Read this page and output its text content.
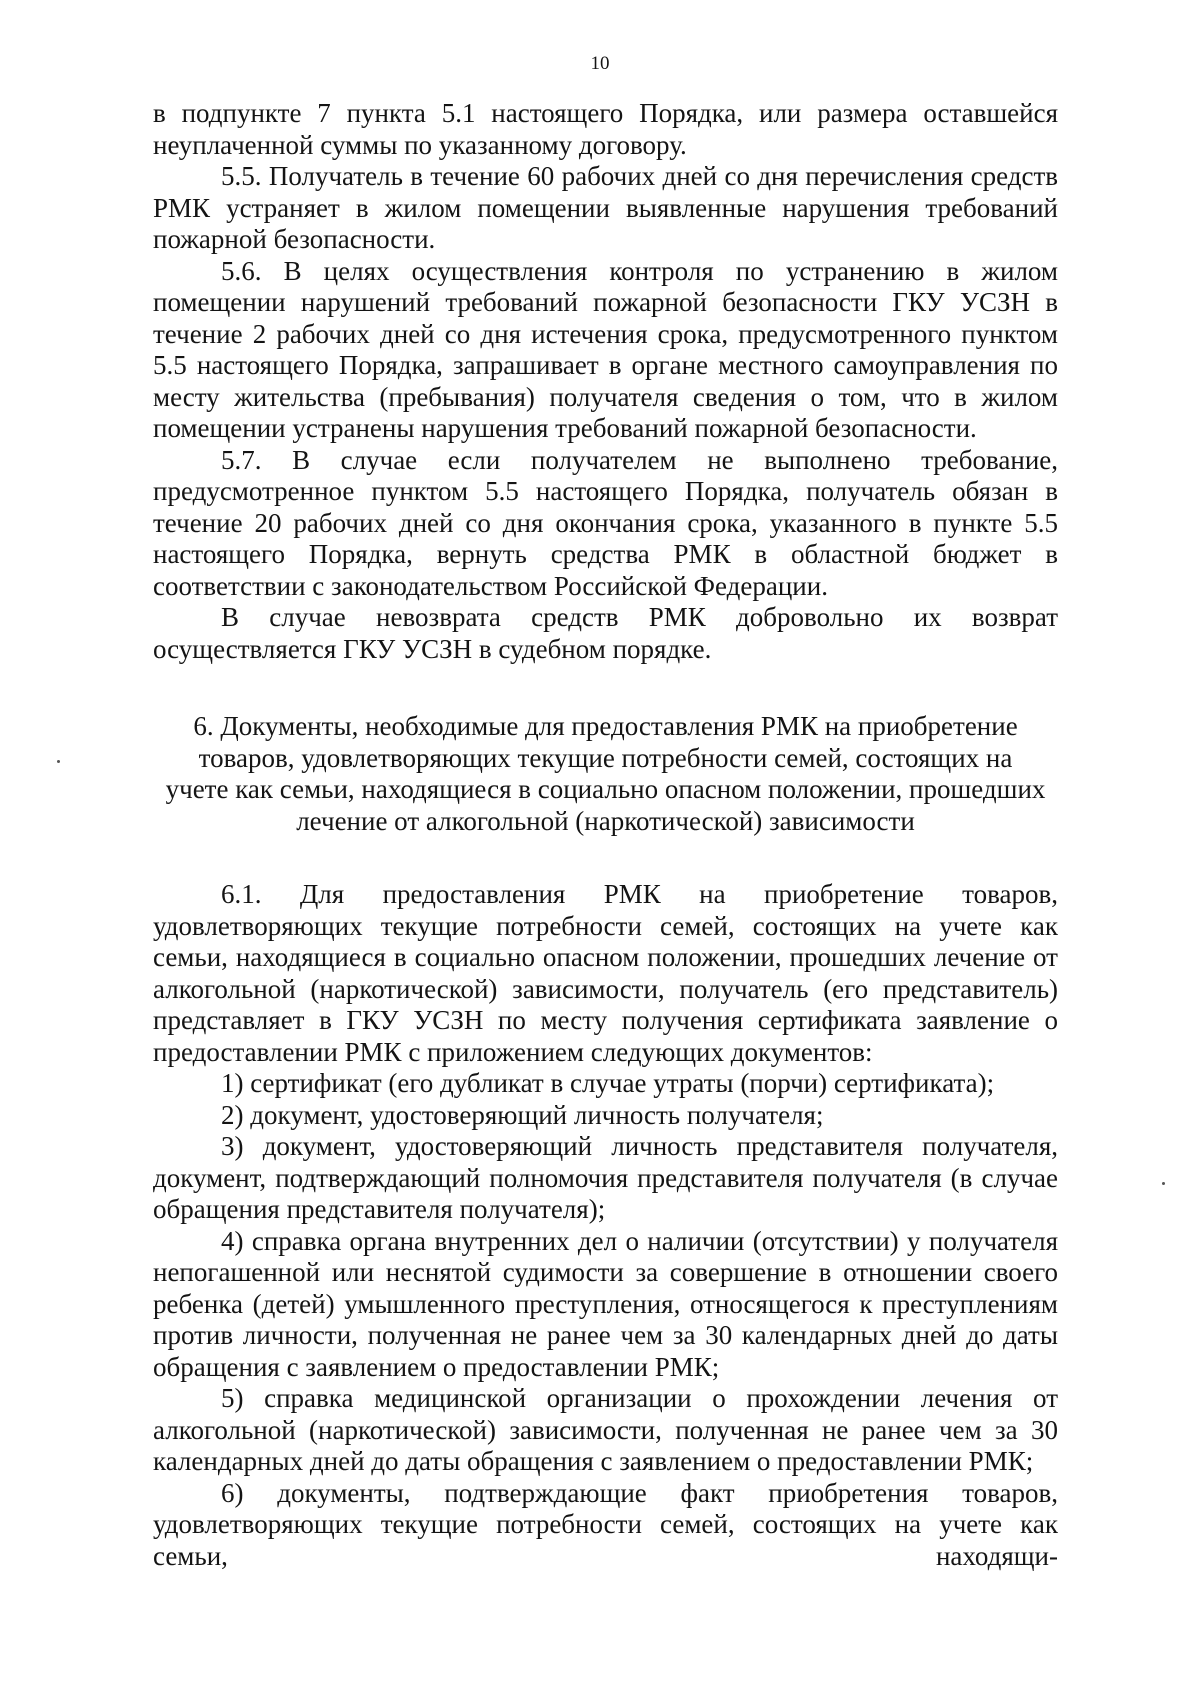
10

в подпункте 7 пункта 5.1 настоящего Порядка, или размера оставшейся неуплаченной суммы по указанному договору.

5.5. Получатель в течение 60 рабочих дней со дня перечисления средств РМК устраняет в жилом помещении выявленные нарушения требований пожарной безопасности.

5.6. В целях осуществления контроля по устранению в жилом помещении нарушений требований пожарной безопасности ГКУ УСЗН в течение 2 рабочих дней со дня истечения срока, предусмотренного пунктом 5.5 настоящего Порядка, запрашивает в органе местного самоуправления по месту жительства (пребывания) получателя сведения о том, что в жилом помещении устранены нарушения требований пожарной безопасности.

5.7. В случае если получателем не выполнено требование, предусмотренное пунктом 5.5 настоящего Порядка, получатель обязан в течение 20 рабочих дней со дня окончания срока, указанного в пункте 5.5 настоящего Порядка, вернуть средства РМК в областной бюджет в соответствии с законодательством Российской Федерации.

В случае невозврата средств РМК добровольно их возврат осуществляется ГКУ УСЗН в судебном порядке.

6. Документы, необходимые для предоставления РМК на приобретение товаров, удовлетворяющих текущие потребности семей, состоящих на учете как семьи, находящиеся в социально опасном положении, прошедших лечение от алкогольной (наркотической) зависимости

6.1. Для предоставления РМК на приобретение товаров, удовлетворяющих текущие потребности семей, состоящих на учете как семьи, находящиеся в социально опасном положении, прошедших лечение от алкогольной (наркотической) зависимости, получатель (его представитель) представляет в ГКУ УСЗН по месту получения сертификата заявление о предоставлении РМК с приложением следующих документов:

1) сертификат (его дубликат в случае утраты (порчи) сертификата);

2) документ, удостоверяющий личность получателя;

3) документ, удостоверяющий личность представителя получателя, документ, подтверждающий полномочия представителя получателя (в случае обращения представителя получателя);

4) справка органа внутренних дел о наличии (отсутствии) у получателя непогашенной или неснятой судимости за совершение в отношении своего ребенка (детей) умышленного преступления, относящегося к преступлениям против личности, полученная не ранее чем за 30 календарных дней до даты обращения с заявлением о предоставлении РМК;

5) справка медицинской организации о прохождении лечения от алкогольной (наркотической) зависимости, полученная не ранее чем за 30 календарных дней до даты обращения с заявлением о предоставлении РМК;

6) документы, подтверждающие факт приобретения товаров, удовлетворяющих текущие потребности семей, состоящих на учете как семьи, находящи-
